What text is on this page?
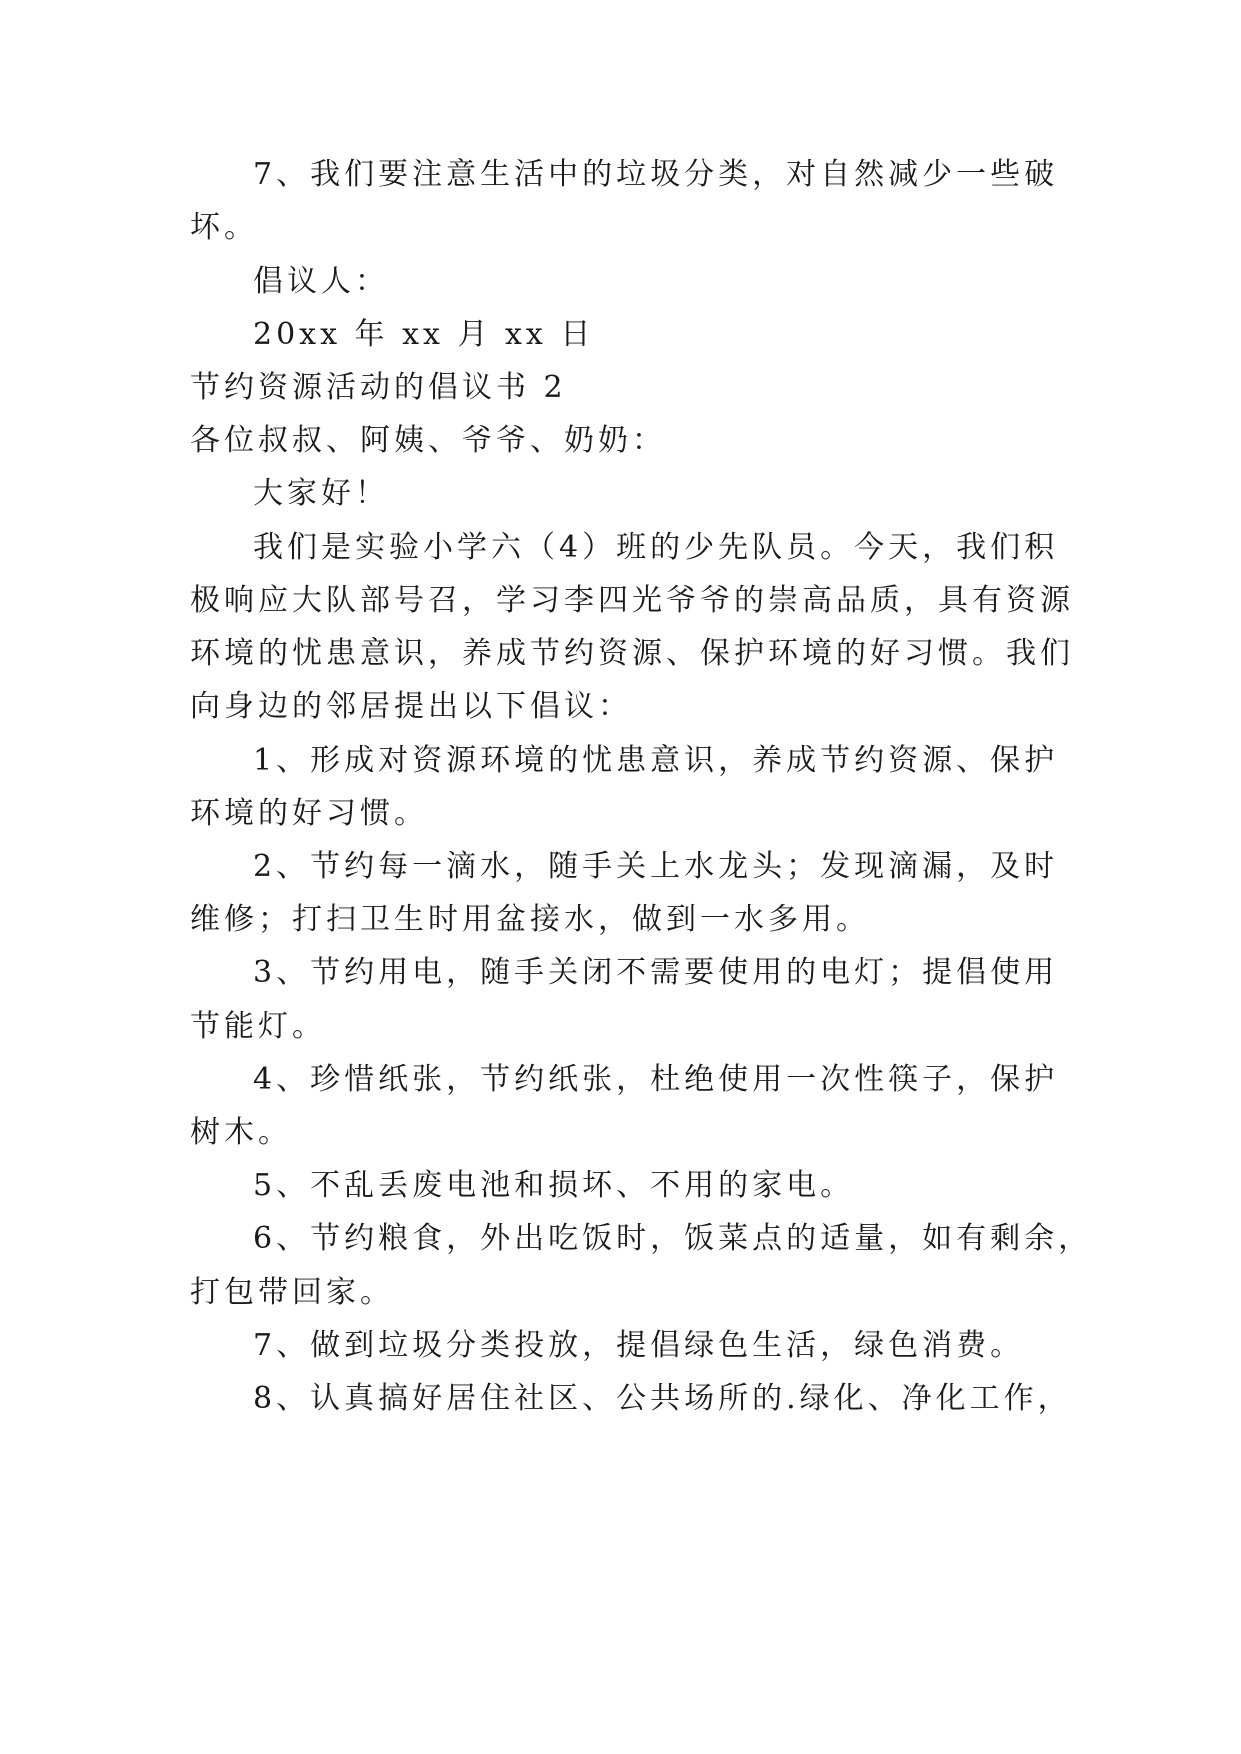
7、我们要注意生活中的垃圾分类，对自然减少一些破
坏。
倡议人：
20xx 年 xx 月 xx 日
节约资源活动的倡议书 2
各位叔叔、阿姨、爷爷、奶奶：
大家好！
我们是实验小学六（4）班的少先队员。今天，我们积
极响应大队部号召，学习李四光爷爷的崇高品质，具有资源
环境的忧患意识，养成节约资源、保护环境的好习惯。我们
向身边的邻居提出以下倡议：
1、形成对资源环境的忧患意识，养成节约资源、保护
环境的好习惯。
2、节约每一滴水，随手关上水龙头；发现滴漏，及时
维修；打扫卫生时用盆接水，做到一水多用。
3、节约用电，随手关闭不需要使用的电灯；提倡使用
节能灯。
4、珍惜纸张，节约纸张，杜绝使用一次性筷子，保护
树木。
5、不乱丢废电池和损坏、不用的家电。
6、节约粮食，外出吃饭时，饭菜点的适量，如有剩余，
打包带回家。
7、做到垃圾分类投放，提倡绿色生活，绿色消费。
8、认真搞好居住社区、公共场所的.绿化、净化工作，
